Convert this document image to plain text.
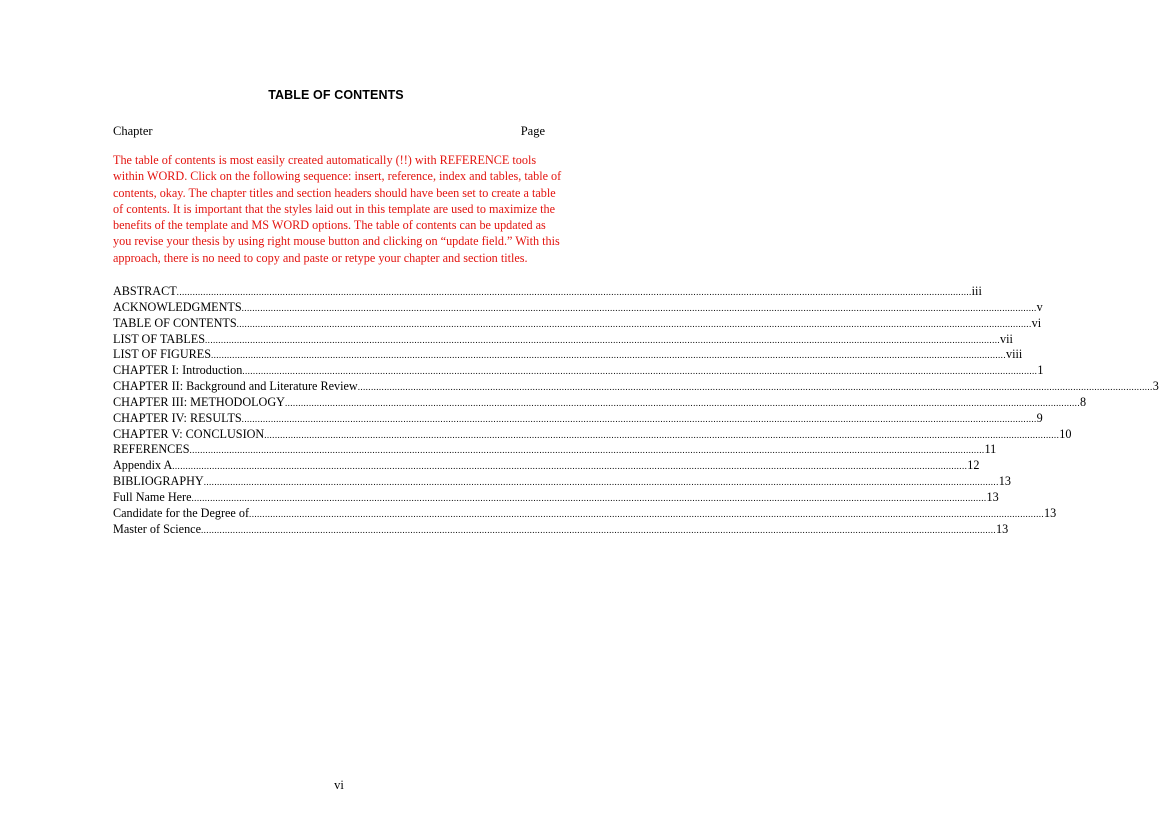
TABLE OF CONTENTS
Chapter	Page

The table of contents is most easily created automatically (!!) with REFERENCE tools within WORD. Click on the following sequence: insert, reference, index and tables, table of contents, okay. The chapter titles and section headers should have been set to create a table of contents. It is important that the styles laid out in this template are used to maximize the benefits of the template and MS WORD options. The table of contents can be updated as you revise your thesis by using right mouse button and clicking on “update field.” With this approach, there is no need to copy and paste or retype your chapter and section titles.

ABSTRACT ............................................................................................................................................................................................................................................................................................................ iii
ACKNOWLEDGMENTS ............................................................................................................................................................................................................................................................................................................ v
TABLE OF CONTENTS ............................................................................................................................................................................................................................................................................................................ vi
LIST OF TABLES ............................................................................................................................................................................................................................................................................................................ vii
LIST OF FIGURES ............................................................................................................................................................................................................................................................................................................ viii
CHAPTER I: Introduction ............................................................................................................................................................................................................................................................................................................ 1
CHAPTER II: Background and Literature Review ............................................................................................................................................................................................................................................................................................................ 3
CHAPTER III: METHODOLOGY ............................................................................................................................................................................................................................................................................................................ 8
CHAPTER IV: RESULTS ............................................................................................................................................................................................................................................................................................................ 9
CHAPTER V: CONCLUSION ............................................................................................................................................................................................................................................................................................................ 10
REFERENCES ............................................................................................................................................................................................................................................................................................................ 11
Appendix A ............................................................................................................................................................................................................................................................................................................ 12
BIBLIOGRAPHY ............................................................................................................................................................................................................................................................................................................ 13
Full Name Here ............................................................................................................................................................................................................................................................................................................ 13
Candidate for the Degree of ............................................................................................................................................................................................................................................................................................................ 13
Master of Science ............................................................................................................................................................................................................................................................................................................ 13
vi
